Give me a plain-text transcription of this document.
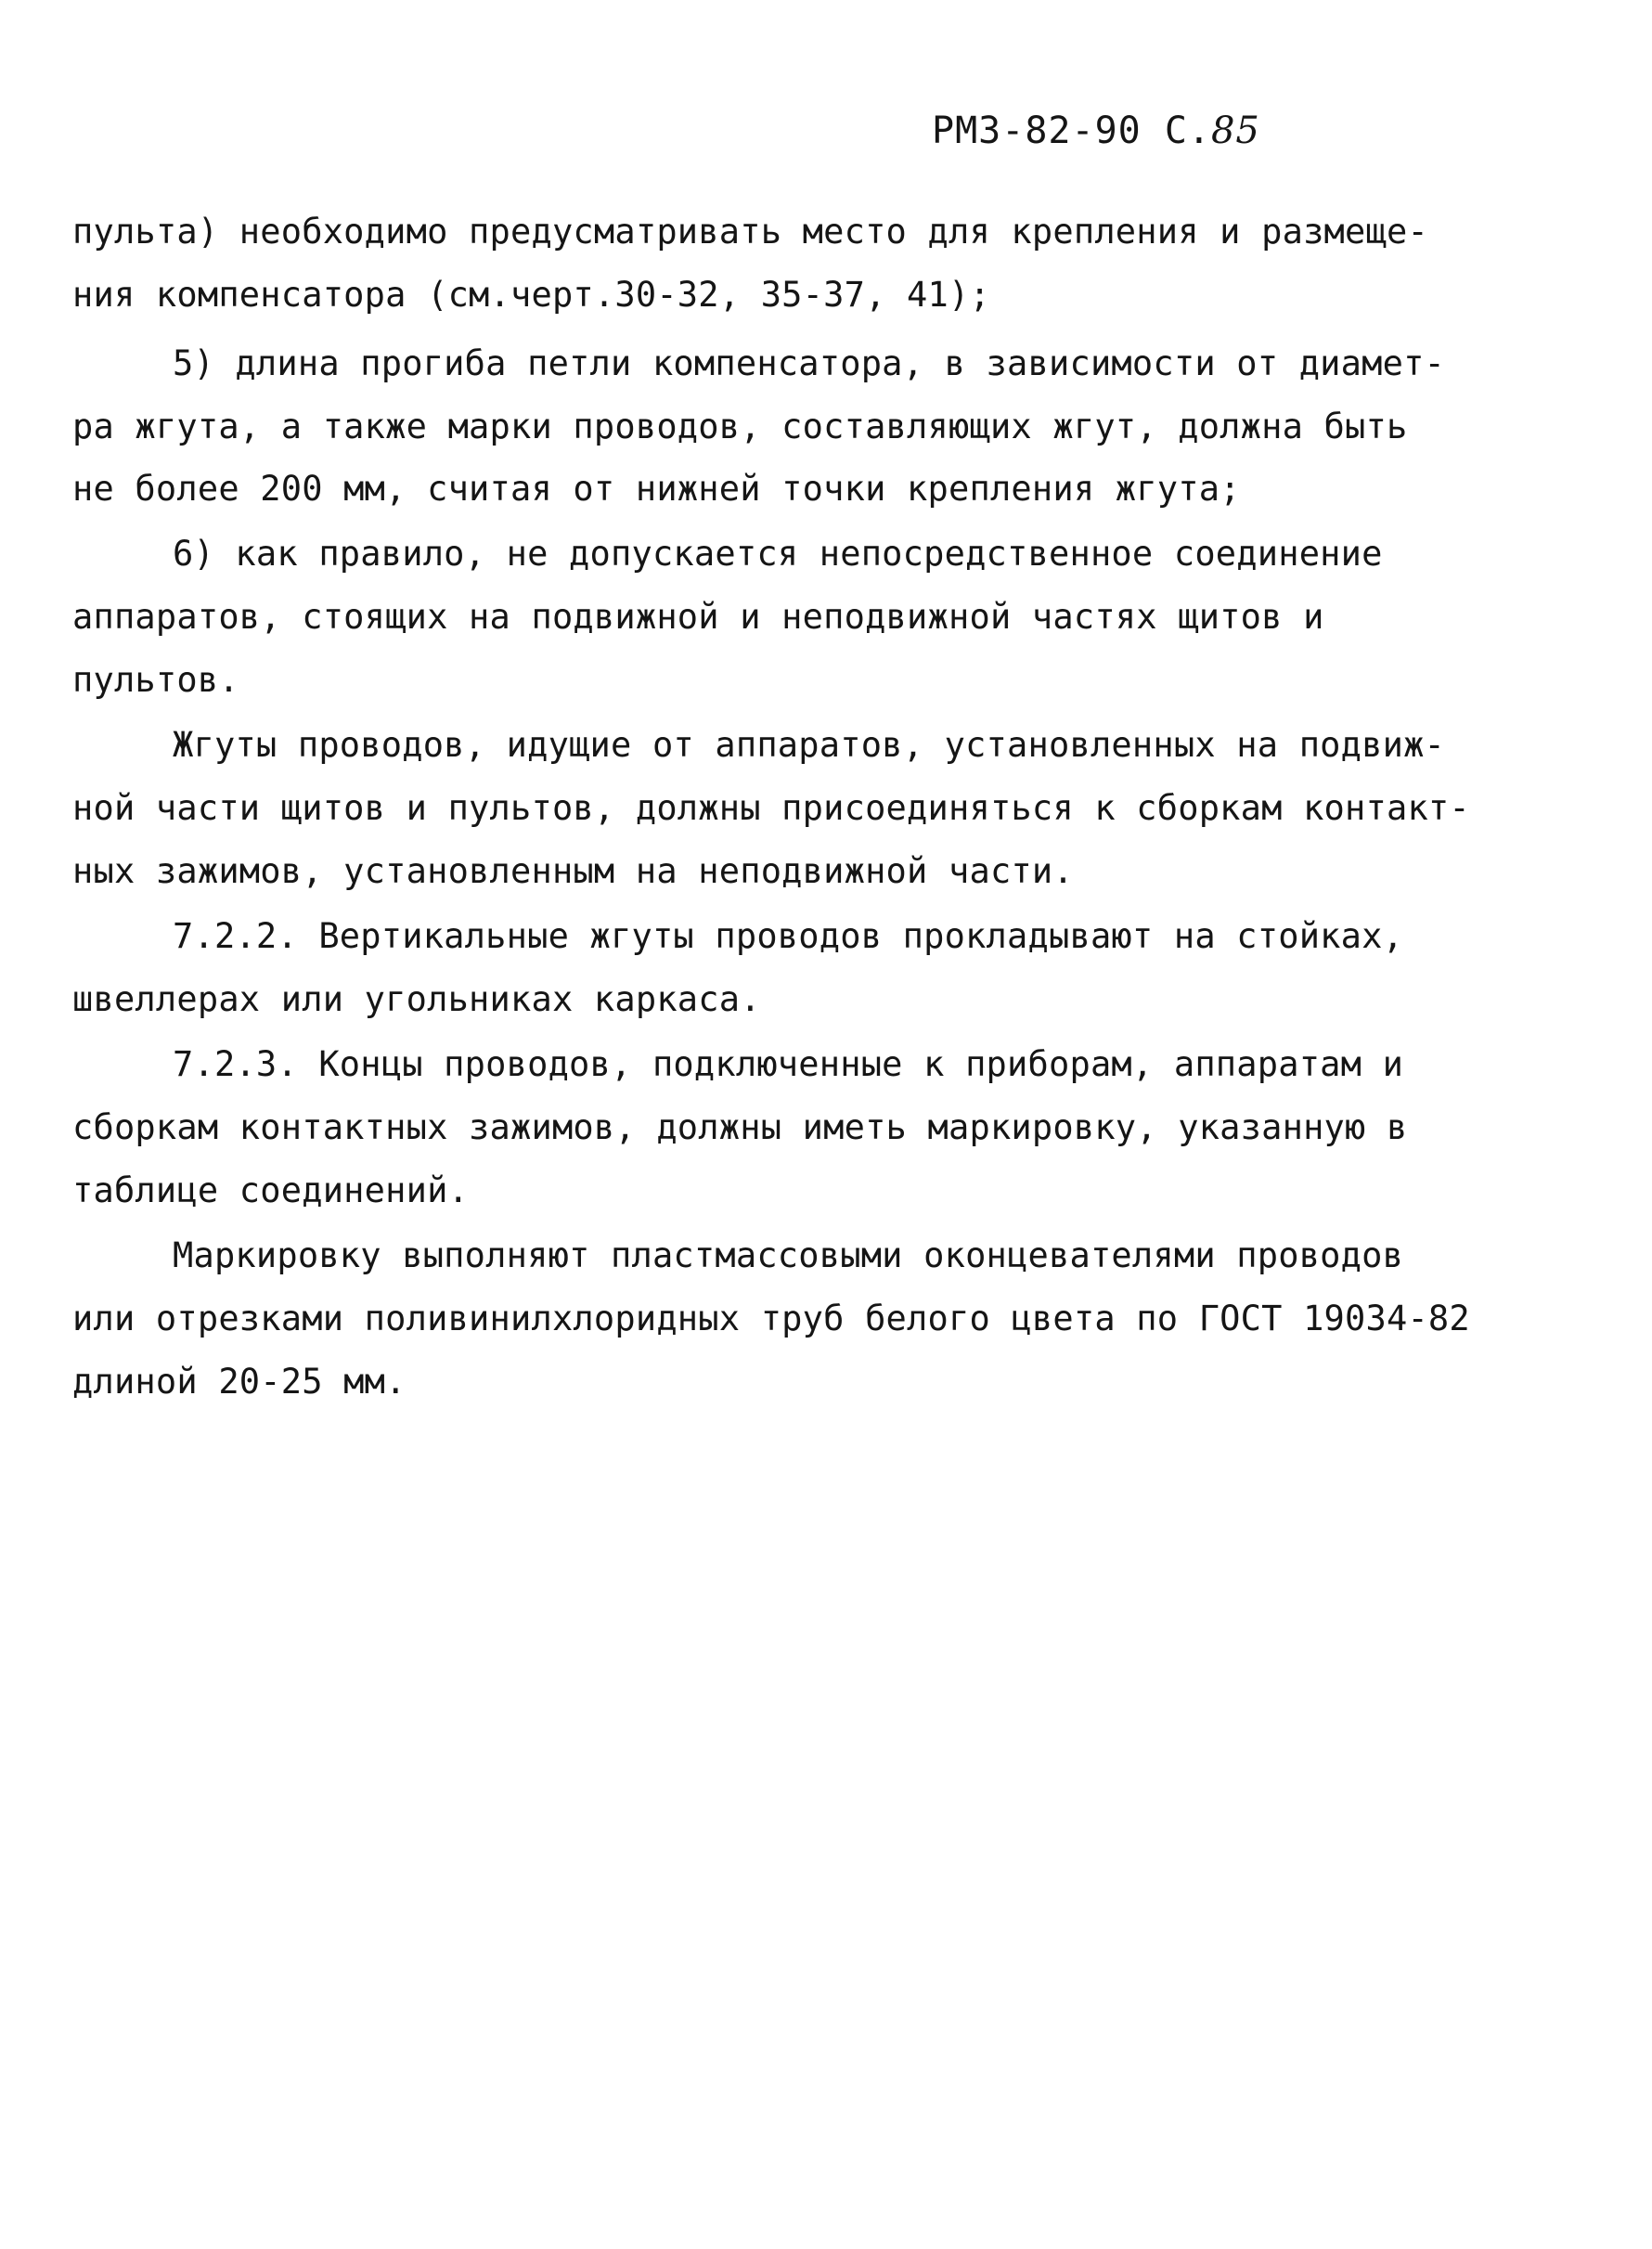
РМ3-82-90 С.85
пульта) необходимо предусматривать место для крепления и размеще-
ния компенсатора (см.черт.30-32, 35-37, 41);
5) длина прогиба петли компенсатора, в зависимости от диамет-
ра жгута, а также марки проводов, составляющих жгут, должна быть
не более 200 мм, считая от нижней точки крепления жгута;
6) как правило, не допускается непосредственное соединение
аппаратов, стоящих на подвижной и неподвижной частях щитов и
пультов.
Жгуты проводов, идущие от аппаратов, установленных на подвиж-
ной части щитов и пультов, должны присоединяться к сборкам контакт-
ных зажимов, установленным на неподвижной части.
7.2.2. Вертикальные жгуты проводов прокладывают на стойках,
швеллерах или угольниках каркаса.
7.2.3. Концы проводов, подключенные к приборам, аппаратам и
сборкам контактных зажимов, должны иметь маркировку, указанную в
таблице соединений.
Маркировку выполняют пластмассовыми оконцевателями проводов
или отрезками поливинилхлоридных труб белого цвета по ГОСТ 19034-82
длиной 20-25 мм.
